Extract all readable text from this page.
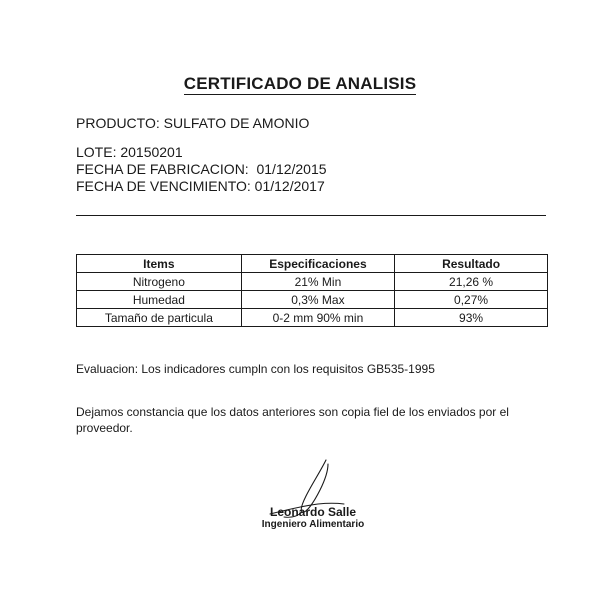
CERTIFICADO DE ANALISIS
PRODUCTO: SULFATO DE AMONIO
LOTE: 20150201
FECHA DE FABRICACION:  01/12/2015
FECHA DE VENCIMIENTO: 01/12/2017
Items	Especificaciones	Resultado
Nitrogeno	21% Min	21,26 %
Humedad	0,3% Max	0,27%
Tamaño de particula	0-2 mm 90% min	93%
Evaluacion: Los indicadores cumpln con los requisitos GB535-1995
Dejamos constancia que los datos anteriores son copia fiel de los enviados por el proveedor.
Leonardo Salle
Ingeniero Alimentario
